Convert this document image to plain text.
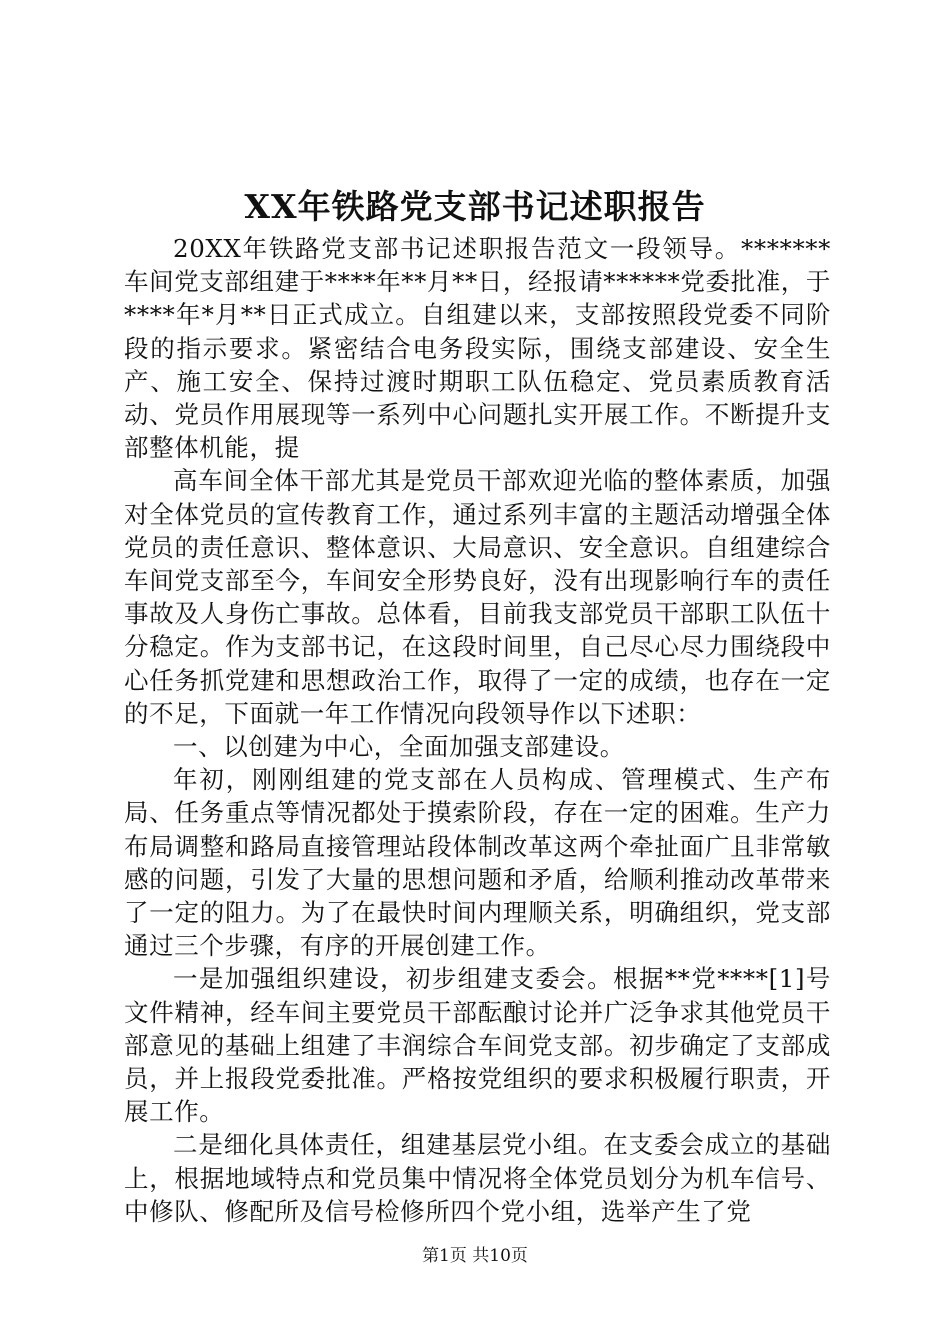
XX年铁路党支部书记述职报告

20XX年铁路党支部书记述职报告范文一段领导。*******车间党支部组建于****年**月**日，经报请******党委批准，于****年*月**日正式成立。自组建以来，支部按照段党委不同阶段的指示要求。紧密结合电务段实际，围绕支部建设、安全生产、施工安全、保持过渡时期职工队伍稳定、党员素质教育活动、党员作用展现等一系列中心问题扎实开展工作。不断提升支部整体机能，提

高车间全体干部尤其是党员干部欢迎光临的整体素质，加强对全体党员的宣传教育工作，通过系列丰富的主题活动增强全体党员的责任意识、整体意识、大局意识、安全意识。自组建综合车间党支部至今，车间安全形势良好，没有出现影响行车的责任事故及人身伤亡事故。总体看，目前我支部党员干部职工队伍十分稳定。作为支部书记，在这段时间里，自己尽心尽力围绕段中心任务抓党建和思想政治工作，取得了一定的成绩，也存在一定的不足，下面就一年工作情况向段领导作以下述职：

一、以创建为中心，全面加强支部建设。

年初，刚刚组建的党支部在人员构成、管理模式、生产布局、任务重点等情况都处于摸索阶段，存在一定的困难。生产力布局调整和路局直接管理站段体制改革这两个牵扯面广且非常敏感的问题，引发了大量的思想问题和矛盾，给顺利推动改革带来了一定的阻力。为了在最快时间内理顺关系，明确组织，党支部通过三个步骤，有序的开展创建工作。

一是加强组织建设，初步组建支委会。根据**党****[1]号文件精神，经车间主要党员干部酝酿讨论并广泛争求其他党员干部意见的基础上组建了丰润综合车间党支部。初步确定了支部成员，并上报段党委批准。严格按党组织的要求积极履行职责，开展工作。

二是细化具体责任，组建基层党小组。在支委会成立的基础上，根据地域特点和党员集中情况将全体党员划分为机车信号、中修队、修配所及信号检修所四个党小组，选举产生了党

第1页 共10页
